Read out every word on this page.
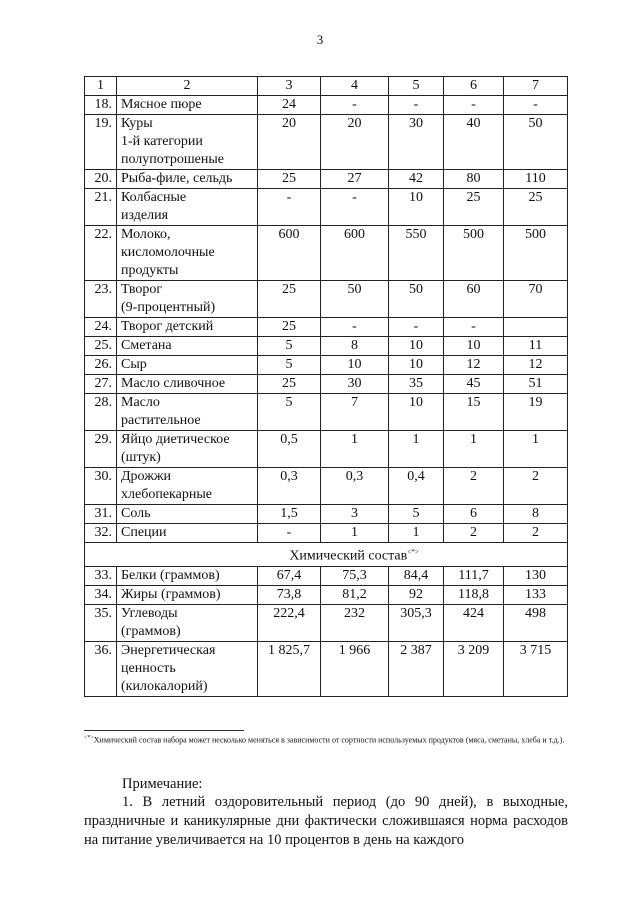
3
1	2	3	4	5	6	7
18.	Мясное пюре	24	-	-	-	-
19.	Куры
1-й категории
полупотрошеные	20	20	30	40	50
20.	Рыба-филе, сельдь	25	27	42	80	110
21.	Колбасные
изделия	-	-	10	25	25
22.	Молоко,
кисломолочные
продукты	600	600	550	500	500
23.	Творог
(9-процентный)	25	50	50	60	70
24.	Творог детский	25	-	-	-	
25.	Сметана	5	8	10	10	11
26.	Сыр	5	10	10	12	12
27.	Масло сливочное	25	30	35	45	51
28.	Масло
растительное	5	7	10	15	19
29.	Яйцо диетическое
(штук)	0,5	1	1	1	1
30.	Дрожжи
хлебопекарные	0,3	0,3	0,4	2	2
31.	Соль	1,5	3	5	6	8
32.	Специи	-	1	1	2	2
Химический состав<*>
33.	Белки (граммов)	67,4	75,3	84,4	111,7	130
34.	Жиры (граммов)	73,8	81,2	92	118,8	133
35.	Углеводы
(граммов)	222,4	232	305,3	424	498
36.	Энергетическая
ценность
(килокалорий)	1 825,7	1 966	2 387	3 209	3 715
<*>Химический состав набора может несколько меняться в зависимости от сортности используемых продуктов (мяса, сметаны, хлеба и т.д.).
Примечание:

1. В летний оздоровительный период (до 90 дней), в выходные, праздничные и каникулярные дни фактически сложившаяся норма расходов на питание увеличивается на 10 процентов в день на каждого
